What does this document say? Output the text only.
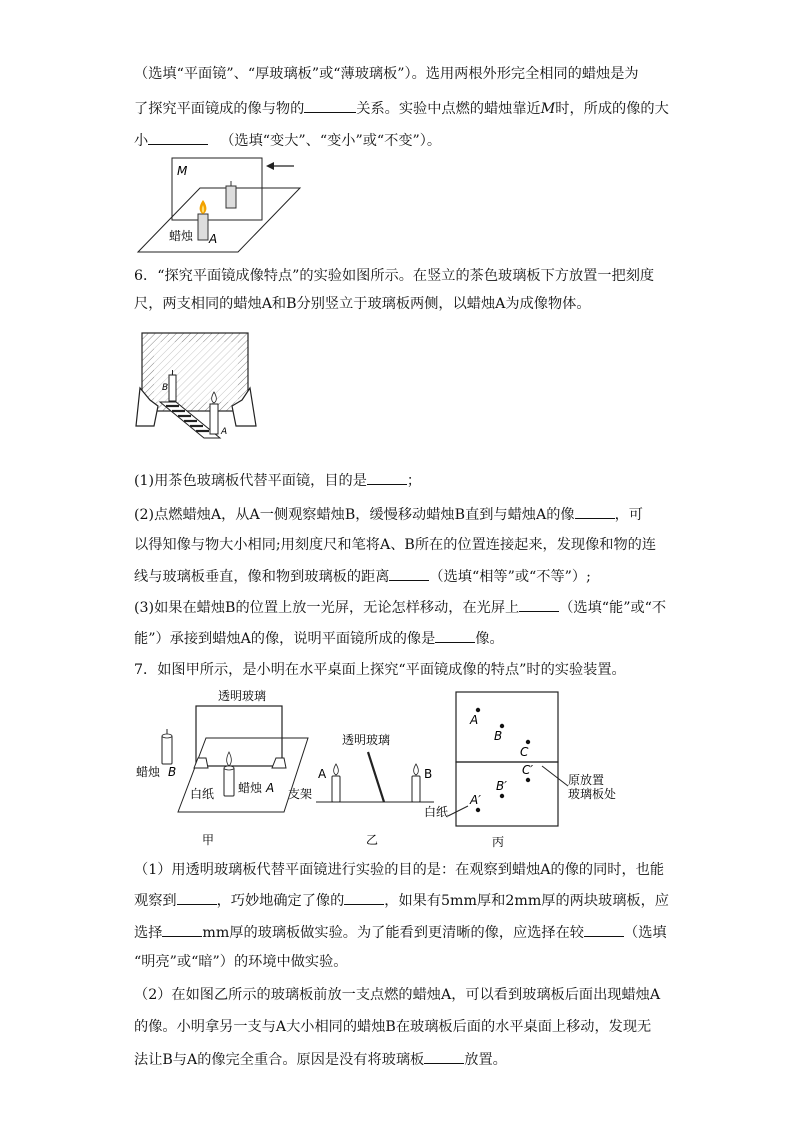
（选填“平面镜”、“厚玻璃板”或“薄玻璃板”）。选用两根外形完全相同的蜡烛是为
了探究平面镜成的像与物的	关系。实验中点燃的蜡烛靠近M时，所成的像的大
小	（选填“变大”、“变小”或“不变”）。
M
蜡烛 A
6．“探究平面镜成像特点”的实验如图所示。在竖立的茶色玻璃板下方放置一把刻度
尺，两支相同的蜡烛A和B分别竖立于玻璃板两侧，以蜡烛A为成像物体。
B
A
(1)用茶色玻璃板代替平面镜，目的是	；
(2)点燃蜡烛A，从A一侧观察蜡烛B，缓慢移动蜡烛B直到与蜡烛A的像	，可
以得知像与物大小相同;用刻度尺和笔将A、B所在的位置连接起来，发现像和物的连
线与玻璃板垂直，像和物到玻璃板的距离	（选填“相等”或“不等”）;
(3)如果在蜡烛B的位置上放一光屏，无论怎样移动，在光屏上	（选填“能”或“不
能”）承接到蜡烛A的像，说明平面镜所成的像是	像。
7．如图甲所示，是小明在水平桌面上探究“平面镜成像的特点”时的实验装置。
透明玻璃
蜡烛 B
白纸 蜡烛 A 支架
甲
透明玻璃
A	B
乙
A
B
C
C′
B′
A′
原放置
玻璃板处
白纸
丙
（1）用透明玻璃板代替平面镜进行实验的目的是：在观察到蜡烛A的像的同时，也能
观察到	，巧妙地确定了像的	，如果有5mm厚和2mm厚的两块玻璃板，应
选择	mm厚的玻璃板做实验。为了能看到更清晰的像，应选择在较	（选填
“明亮”或“暗”）的环境中做实验。
（2）在如图乙所示的玻璃板前放一支点燃的蜡烛A，可以看到玻璃板后面出现蜡烛A
的像。小明拿另一支与A大小相同的蜡烛B在玻璃板后面的水平桌面上移动，发现无
法让B与A的像完全重合。原因是没有将玻璃板	放置。
